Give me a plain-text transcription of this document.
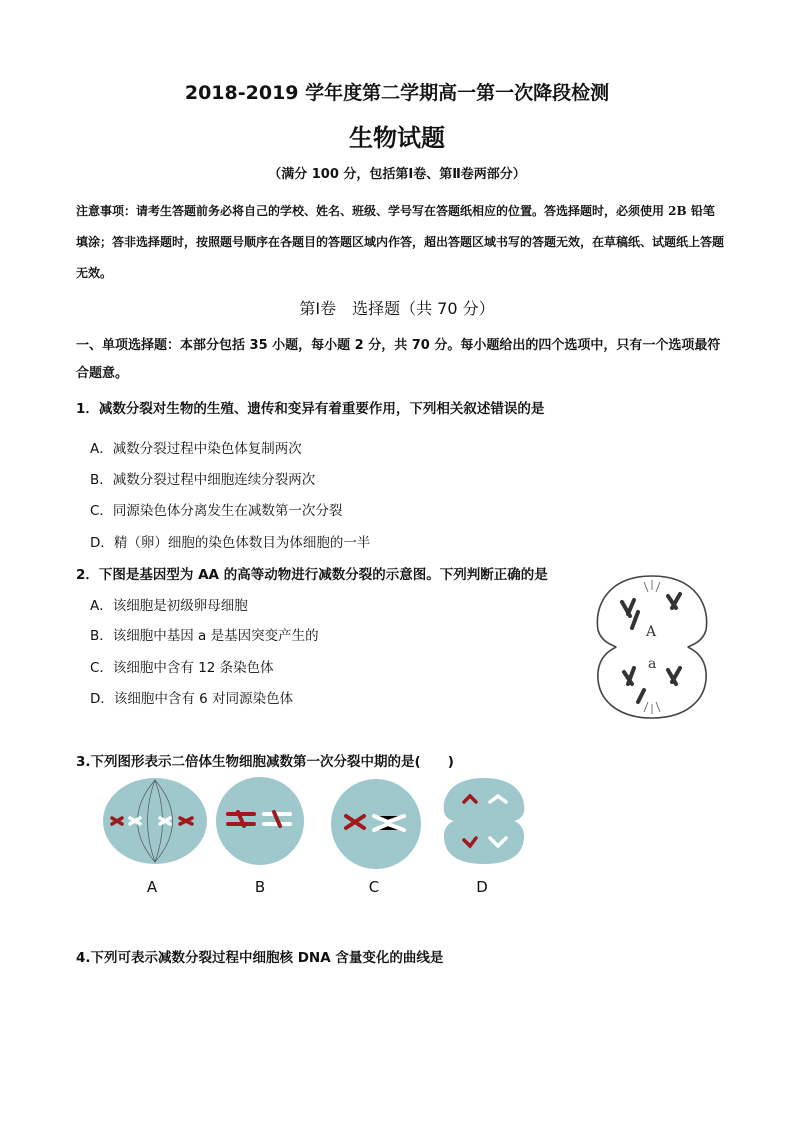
2018-2019 学年度第二学期高一第一次降段检测
生物试题
（满分 100 分，包括第Ⅰ卷、第Ⅱ卷两部分）
注意事项：请考生答题前务必将自己的学校、姓名、班级、学号写在答题纸相应的位置。答选择题时，必须使用 2B 铅笔填涂；答非选择题时，按照题号顺序在各题目的答题区域内作答，超出答题区域书写的答题无效，在草稿纸、试题纸上答题无效。
第Ⅰ卷　选择题（共 70 分）
一、单项选择题：本部分包括 35 小题，每小题 2 分，共 70 分。每小题给出的四个选项中，只有一个选项最符合题意。
1．减数分裂对生物的生殖、遗传和变异有着重要作用，下列相关叙述错误的是
A．减数分裂过程中染色体复制两次
B．减数分裂过程中细胞连续分裂两次
C．同源染色体分离发生在减数第一次分裂
D．精（卵）细胞的染色体数目为体细胞的一半
2．下图是基因型为 AA 的高等动物进行减数分裂的示意图。下列判断正确的是
A．该细胞是初级卵母细胞
B．该细胞中基因 a 是基因突变产生的
C．该细胞中含有 12 条染色体
D．该细胞中含有 6 对同源染色体
A
a
3.下列图形表示二倍体生物细胞减数第一次分裂中期的是(　　)
A	B	C	D
4.下列可表示减数分裂过程中细胞核 DNA 含量变化的曲线是
